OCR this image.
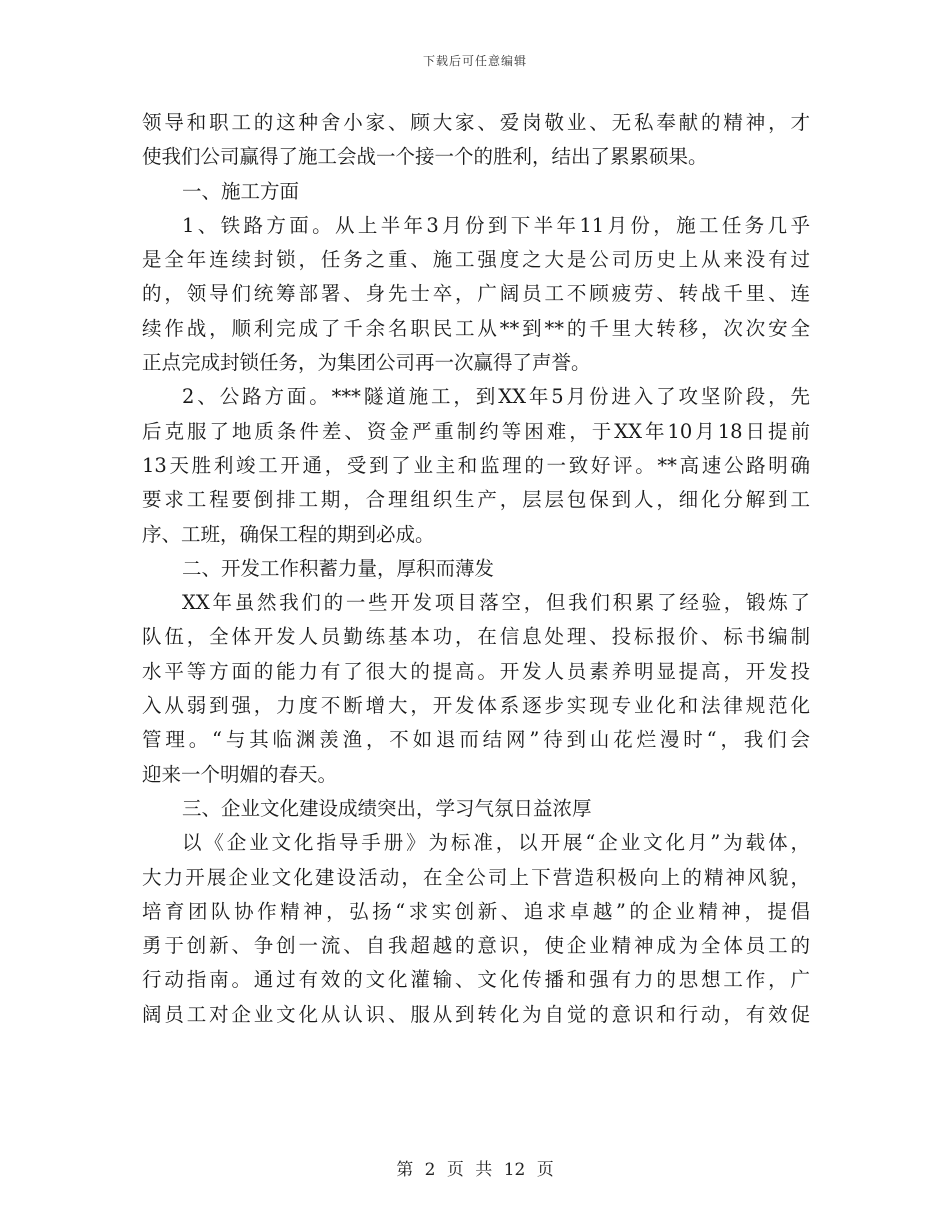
下载后可任意编辑
领导和职工的这种舍小家、顾大家、爱岗敬业、无私奉献的精神，才
使我们公司赢得了施工会战一个接一个的胜利，结出了累累硕果。
一、施工方面
1、铁路方面。从上半年3月份到下半年11月份，施工任务几乎
是全年连续封锁，任务之重、施工强度之大是公司历史上从来没有过
的，领导们统筹部署、身先士卒，广阔员工不顾疲劳、转战千里、连
续作战，顺利完成了千余名职民工从**到**的千里大转移，次次安全
正点完成封锁任务，为集团公司再一次赢得了声誉。
2、公路方面。***隧道施工，到XX年5月份进入了攻坚阶段，先
后克服了地质条件差、资金严重制约等困难，于XX年10月18日提前
13天胜利竣工开通，受到了业主和监理的一致好评。**高速公路明确
要求工程要倒排工期，合理组织生产，层层包保到人，细化分解到工
序、工班，确保工程的期到必成。
二、开发工作积蓄力量，厚积而薄发
XX年虽然我们的一些开发项目落空，但我们积累了经验，锻炼了
队伍，全体开发人员勤练基本功，在信息处理、投标报价、标书编制
水平等方面的能力有了很大的提高。开发人员素养明显提高，开发投
入从弱到强，力度不断增大，开发体系逐步实现专业化和法律规范化
管理。“与其临渊羡渔，不如退而结网”待到山花烂漫时“，我们会
迎来一个明媚的春天。
三、企业文化建设成绩突出，学习气氛日益浓厚
以《企业文化指导手册》为标准，以开展“企业文化月”为载体，
大力开展企业文化建设活动，在全公司上下营造积极向上的精神风貌，
培育团队协作精神，弘扬“求实创新、追求卓越”的企业精神，提倡
勇于创新、争创一流、自我超越的意识，使企业精神成为全体员工的
行动指南。通过有效的文化灌输、文化传播和强有力的思想工作，广
阔员工对企业文化从认识、服从到转化为自觉的意识和行动，有效促
第 2 页 共 12 页
